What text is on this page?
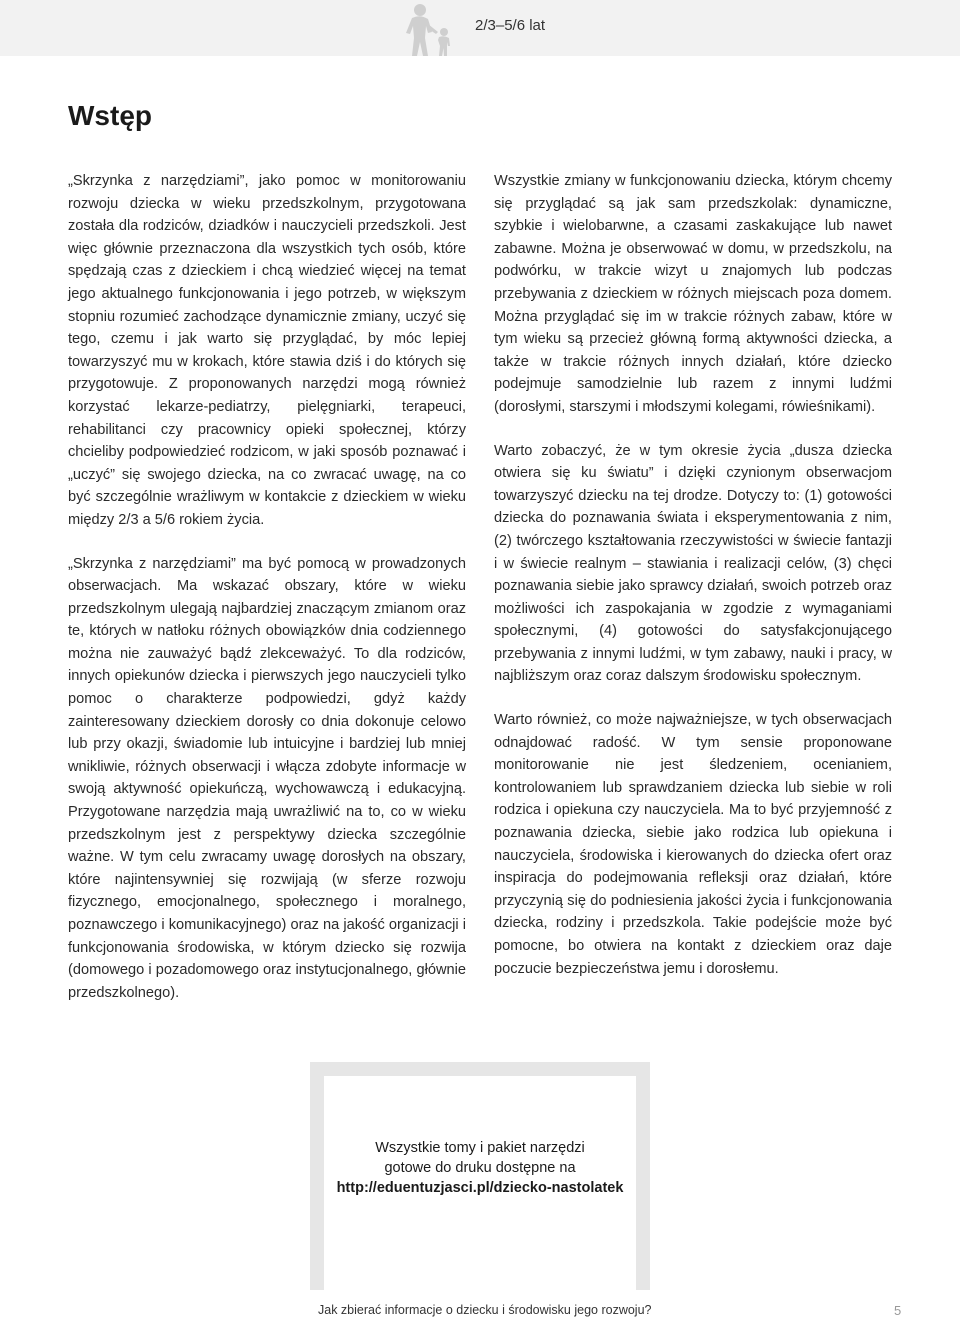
2/3–5/6 lat
Wstęp

„Skrzynka z narzędziami”, jako pomoc w monitorowaniu rozwoju dziecka w wieku przedszkolnym, przygotowana została dla rodziców, dziadków i nauczycieli przedszkoli. Jest więc głównie przeznaczona dla wszystkich tych osób, które spędzają czas z dzieckiem i chcą wiedzieć więcej na temat jego aktualnego funkcjonowania i jego potrzeb, w większym stopniu rozumieć zachodzące dynamicznie zmiany, uczyć się tego, czemu i jak warto się przyglądać, by móc lepiej towarzyszyć mu w krokach, które stawia dziś i do których się przygotowuje. Z proponowanych narzędzi mogą również korzystać lekarze-pediatrzy, pielęgniarki, terapeuci, rehabilitanci czy pracownicy opieki społecznej, którzy chcieliby podpowiedzieć rodzicom, w jaki sposób poznawać i „uczyć” się swojego dziecka, na co zwracać uwagę, na co być szczególnie wrażliwym w kontakcie z dzieckiem w wieku między 2/3 a 5/6 rokiem życia.

„Skrzynka z narzędziami” ma być pomocą w prowadzonych obserwacjach. Ma wskazać obszary, które w wieku przedszkolnym ulegają najbardziej znaczącym zmianom oraz te, których w natłoku różnych obowiązków dnia codziennego można nie zauważyć bądź zlekceważyć. To dla rodziców, innych opiekunów dziecka i pierwszych jego nauczycieli tylko pomoc o charakterze podpowiedzi, gdyż każdy zainteresowany dzieckiem dorosły co dnia dokonuje celowo lub przy okazji, świadomie lub intuicyjne i bardziej lub mniej wnikliwie, różnych obserwacji i włącza zdobyte informacje w swoją aktywność opiekuńczą, wychowawczą i edukacyjną. Przygotowane narzędzia mają uwrażliwić na to, co w wieku przedszkolnym jest z perspektywy dziecka szczególnie ważne. W tym celu zwracamy uwagę dorosłych na obszary, które najintensywniej się rozwijają (w sferze rozwoju fizycznego, emocjonalnego, społecznego i moralnego, poznawczego i komunikacyjnego) oraz na jakość organizacji i funkcjonowania środowiska, w którym dziecko się rozwija (domowego i pozadomowego oraz instytucjonalnego, głównie przedszkolnego).

Wszystkie zmiany w funkcjonowaniu dziecka, którym chcemy się przyglądać są jak sam przedszkolak: dynamiczne, szybkie i wielobarwne, a czasami zaskakujące lub nawet zabawne. Można je obserwować w domu, w przedszkolu, na podwórku, w trakcie wizyt u znajomych lub podczas przebywania z dzieckiem w różnych miejscach poza domem. Można przyglądać się im w trakcie różnych zabaw, które w tym wieku są przecież główną formą aktywności dziecka, a także w trakcie różnych innych działań, które dziecko podejmuje samodzielnie lub razem z innymi ludźmi (dorosłymi, starszymi i młodszymi kolegami, rówieśnikami).

Warto zobaczyć, że w tym okresie życia „dusza dziecka otwiera się ku światu” i dzięki czynionym obserwacjom towarzyszyć dziecku na tej drodze. Dotyczy to: (1) gotowości dziecka do poznawania świata i eksperymentowania z nim, (2) twórczego kształtowania rzeczywistości w świecie fantazji i w świecie realnym – stawiania i realizacji celów, (3) chęci poznawania siebie jako sprawcy działań, swoich potrzeb oraz możliwości ich zaspokajania w zgodzie z wymaganiami społecznymi, (4) gotowości do satysfakcjonującego przebywania z innymi ludźmi, w tym zabawy, nauki i pracy, w najbliższym oraz coraz dalszym środowisku społecznym.

Warto również, co może najważniejsze, w tych obserwacjach odnajdować radość. W tym sensie proponowane monitorowanie nie jest śledzeniem, ocenianiem, kontrolowaniem lub sprawdzaniem dziecka lub siebie w roli rodzica i opiekuna czy nauczyciela. Ma to być przyjemność z poznawania dziecka, siebie jako rodzica lub opiekuna i nauczyciela, środowiska i kierowanych do dziecka ofert oraz inspiracja do podejmowania refleksji oraz działań, które przyczynią się do podniesienia jakości życia i funkcjonowania dziecka, rodziny i przedszkola. Takie podejście może być pomocne, bo otwiera na kontakt z dzieckiem oraz daje poczucie bezpieczeństwa jemu i dorosłemu.

Wszystkie tomy i pakiet narzędzi
gotowe do druku dostępne na
http://eduentuzjasci.pl/dziecko-nastolatek
Jak zbierać informacje o dziecku i środowisku jego rozwoju?	5
